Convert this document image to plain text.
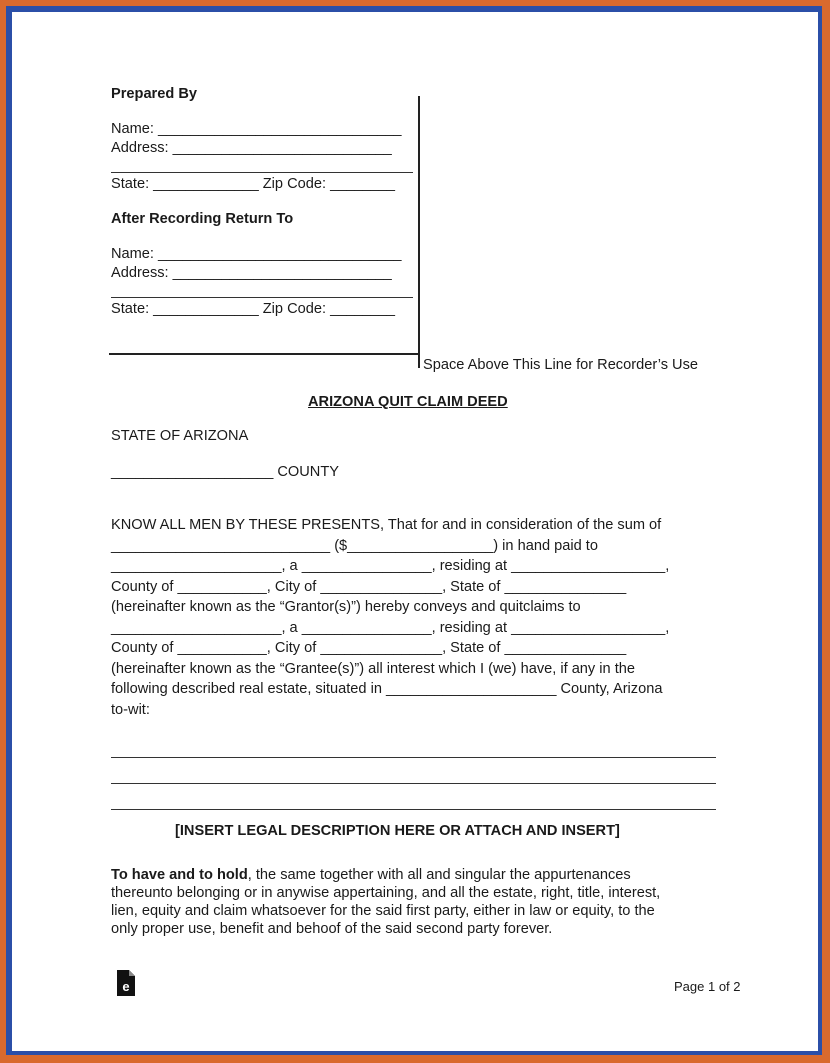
Prepared By
Name: ______________________________
Address: ___________________________
State: _____________ Zip Code: ________
After Recording Return To
Name: ______________________________
Address: ___________________________
State: _____________ Zip Code: ________
Space Above This Line for Recorder’s Use
ARIZONA QUIT CLAIM DEED
STATE OF ARIZONA
____________________ COUNTY
KNOW ALL MEN BY THESE PRESENTS, That for and in consideration of the sum of
___________________________ ($__________________) in hand paid to
_____________________, a ________________, residing at ___________________,
County of ___________, City of _______________, State of _______________
(hereinafter known as the “Grantor(s)”) hereby conveys and quitclaims to
_____________________, a ________________, residing at ___________________,
County of ___________, City of _______________, State of _______________
(hereinafter known as the “Grantee(s)”) all interest which I (we) have, if any in the
following described real estate, situated in _____________________ County, Arizona
to-wit:
[INSERT LEGAL DESCRIPTION HERE OR ATTACH AND INSERT]
To have and to hold, the same together with all and singular the appurtenances
thereunto belonging or in anywise appertaining, and all the estate, right, title, interest,
lien, equity and claim whatsoever for the said first party, either in law or equity, to the
only proper use, benefit and behoof of the said second party forever.
e	Page 1 of 2
